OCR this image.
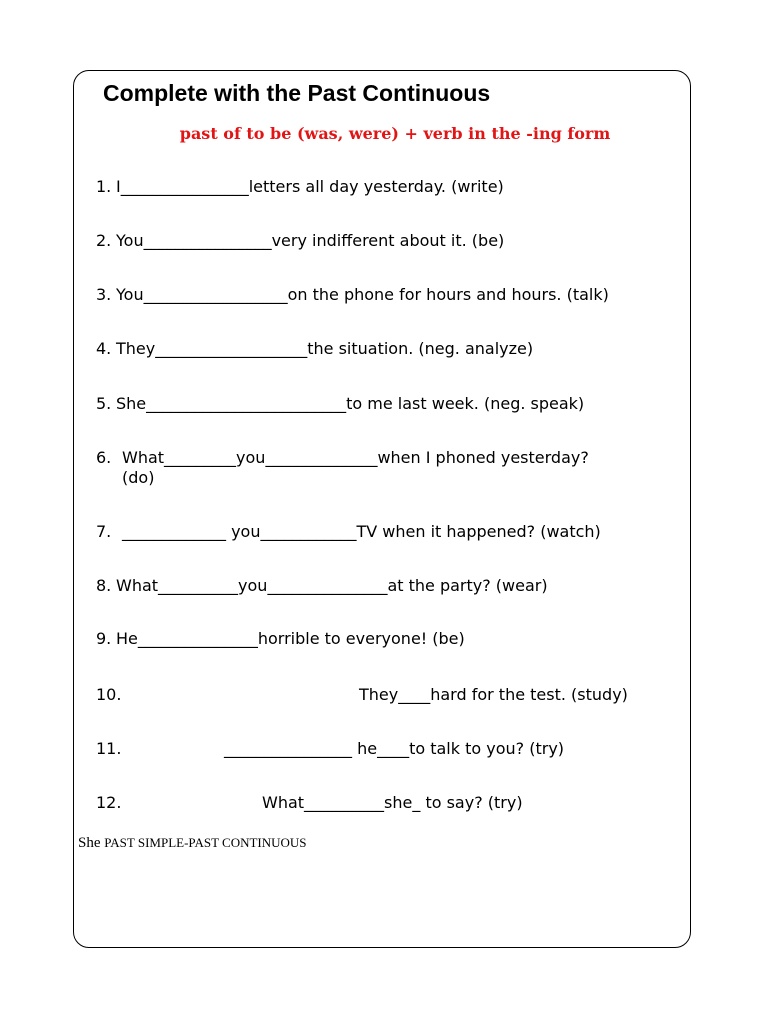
Complete with the Past Continuous
past of to be (was, were) + verb in the -ing form
1. I________________letters all day yesterday. (write)
2. You________________very indifferent about it. (be)
3. You__________________on the phone for hours and hours. (talk)
4. They___________________the situation. (neg. analyze)
5. She_________________________to me last week. (neg. speak)
6. What_________you______________when I phoned yesterday?
(do)
7. _____________ you____________TV when it happened? (watch)
8. What__________you_______________at the party? (wear)
9. He_______________horrible to everyone! (be)
10.	They____hard for the test. (study)
11.	________________ he____to talk to you? (try)
12.	What__________she_ to say? (try)
She PAST SIMPLE-PAST CONTINUOUS
